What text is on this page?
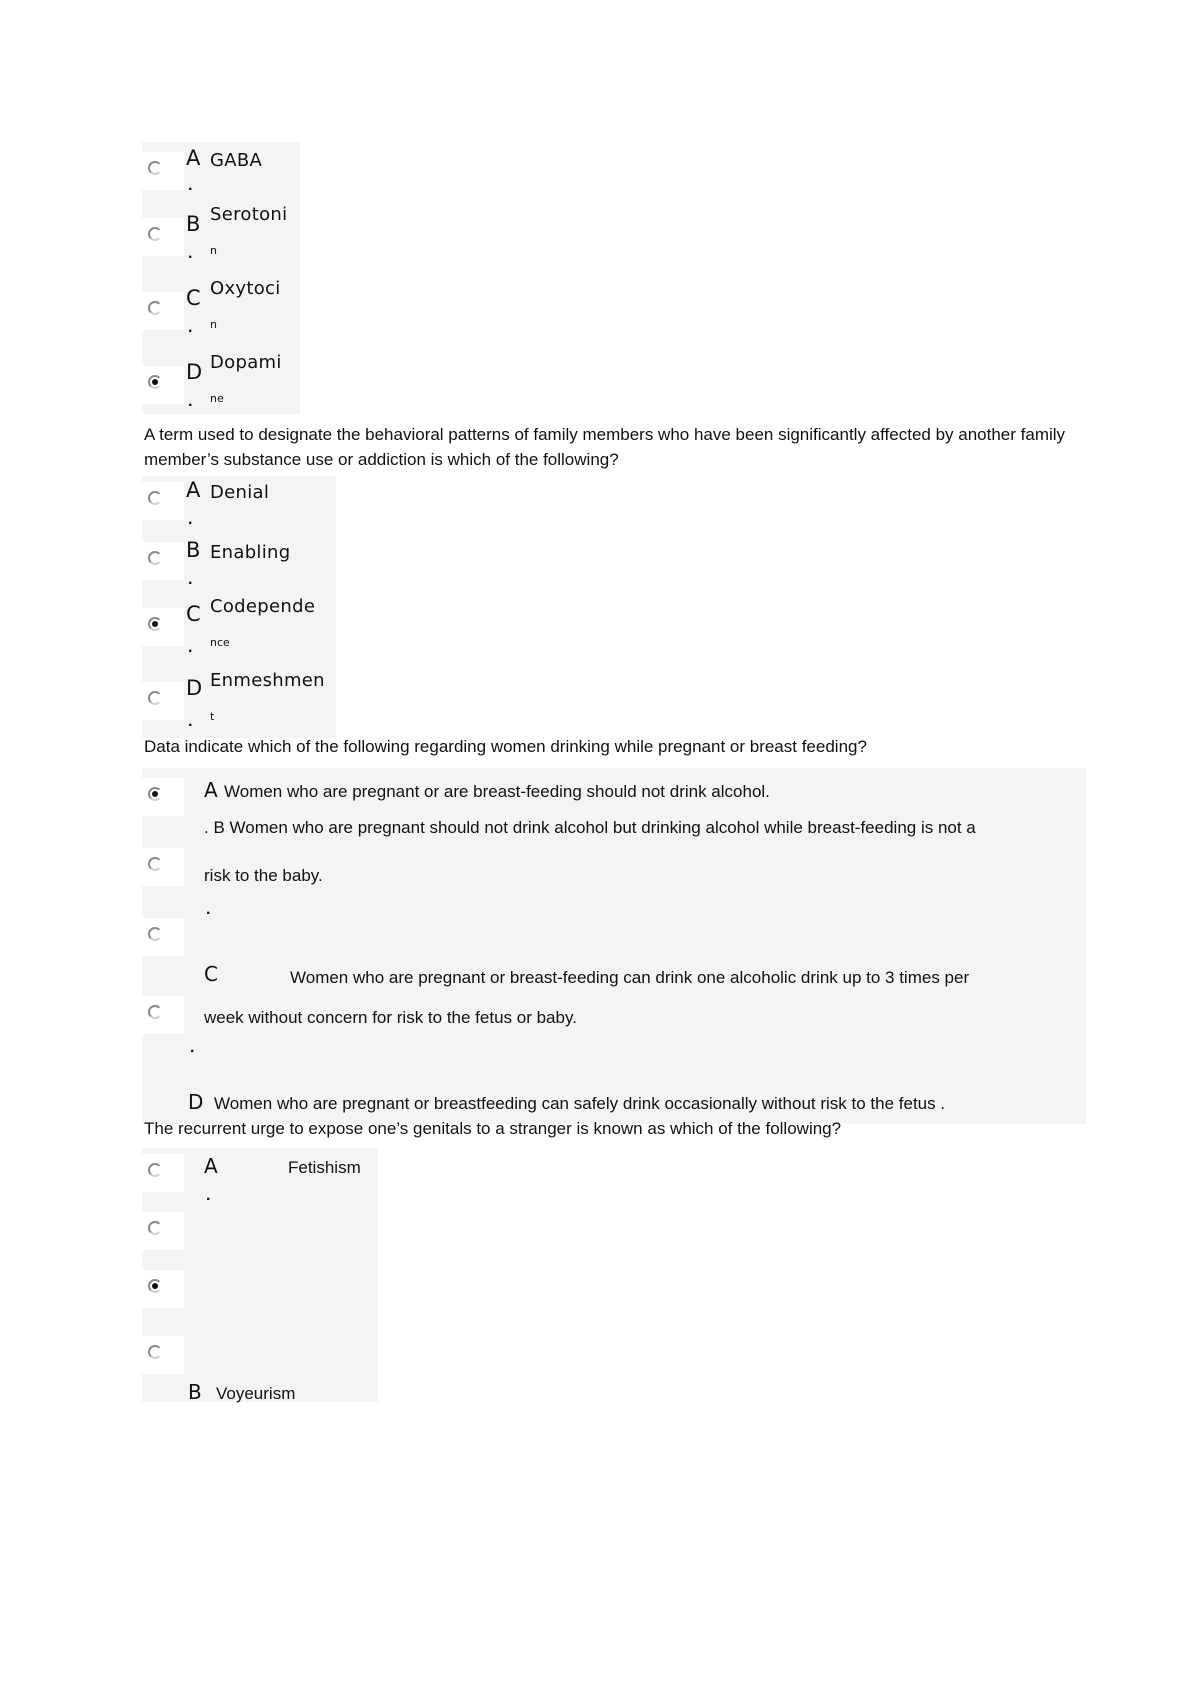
A GABA
.
B Serotoni
n
.
C Oxytoci
n
.
D Dopami
ne
.
A term used to designate the behavioral patterns of family members who have been significantly affected by another family member’s substance use or addiction is which of the following?
A Denial
.
B Enabling
.
C Codepende
nce
.
D Enmeshmen
t
.
Data indicate which of the following regarding women drinking while pregnant or breast feeding?
A Women who are pregnant or are breast-feeding should not drink alcohol.
. B Women who are pregnant should not drink alcohol but drinking alcohol while breast-feeding is not a
risk to the baby.
.
C	Women who are pregnant or breast-feeding can drink one alcoholic drink up to 3 times per
week without concern for risk to the fetus or baby.
.
D Women who are pregnant or breastfeeding can safely drink occasionally without risk to the fetus .
The recurrent urge to expose one’s genitals to a stranger is known as which of the following?
A	Fetishism
.
B Voyeurism
